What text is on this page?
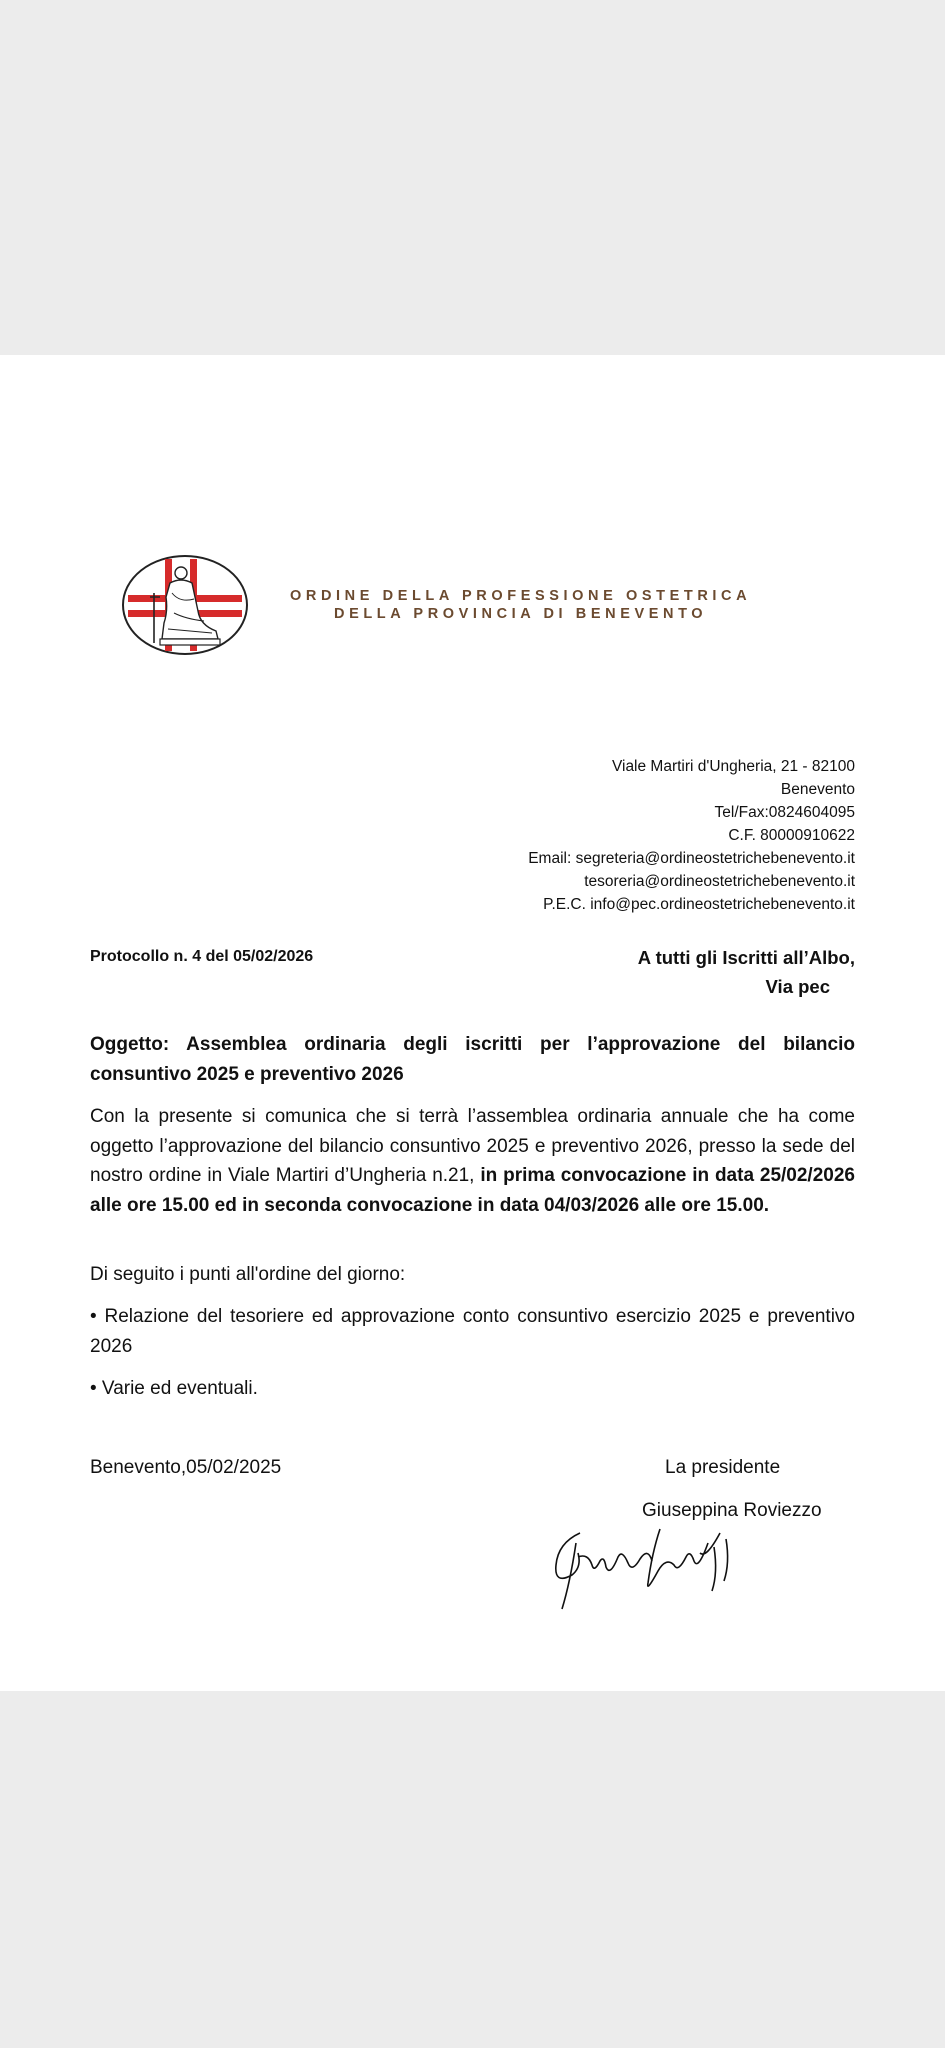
ORDINE DELLA PROFESSIONE OSTETRICA
DELLA PROVINCIA DI BENEVENTO
Viale Martiri d'Ungheria, 21 - 82100
Benevento
Tel/Fax:0824604095
C.F. 80000910622
Email: segreteria@ordineostetrichebenevento.it
tesoreria@ordineostetrichebenevento.it
P.E.C. info@pec.ordineostetrichebenevento.it
Protocollo n. 4 del 05/02/2026	A tutti gli Iscritti all’Albo,
Via pec
Oggetto: Assemblea ordinaria degli iscritti per l’approvazione del bilancio consuntivo 2025 e preventivo 2026
Con la presente si comunica che si terrà l’assemblea ordinaria annuale che ha come oggetto l’approvazione del bilancio consuntivo 2025 e preventivo 2026, presso la sede del nostro ordine in Viale Martiri d’Ungheria n.21, in prima convocazione in data 25/02/2026 alle ore 15.00 ed in seconda convocazione in data 04/03/2026 alle ore 15.00.
Di seguito i punti all'ordine del giorno:
• Relazione del tesoriere ed approvazione conto consuntivo esercizio 2025 e preventivo 2026
• Varie ed eventuali.
Benevento,05/02/2025	La presidente
Giuseppina Roviezzo
